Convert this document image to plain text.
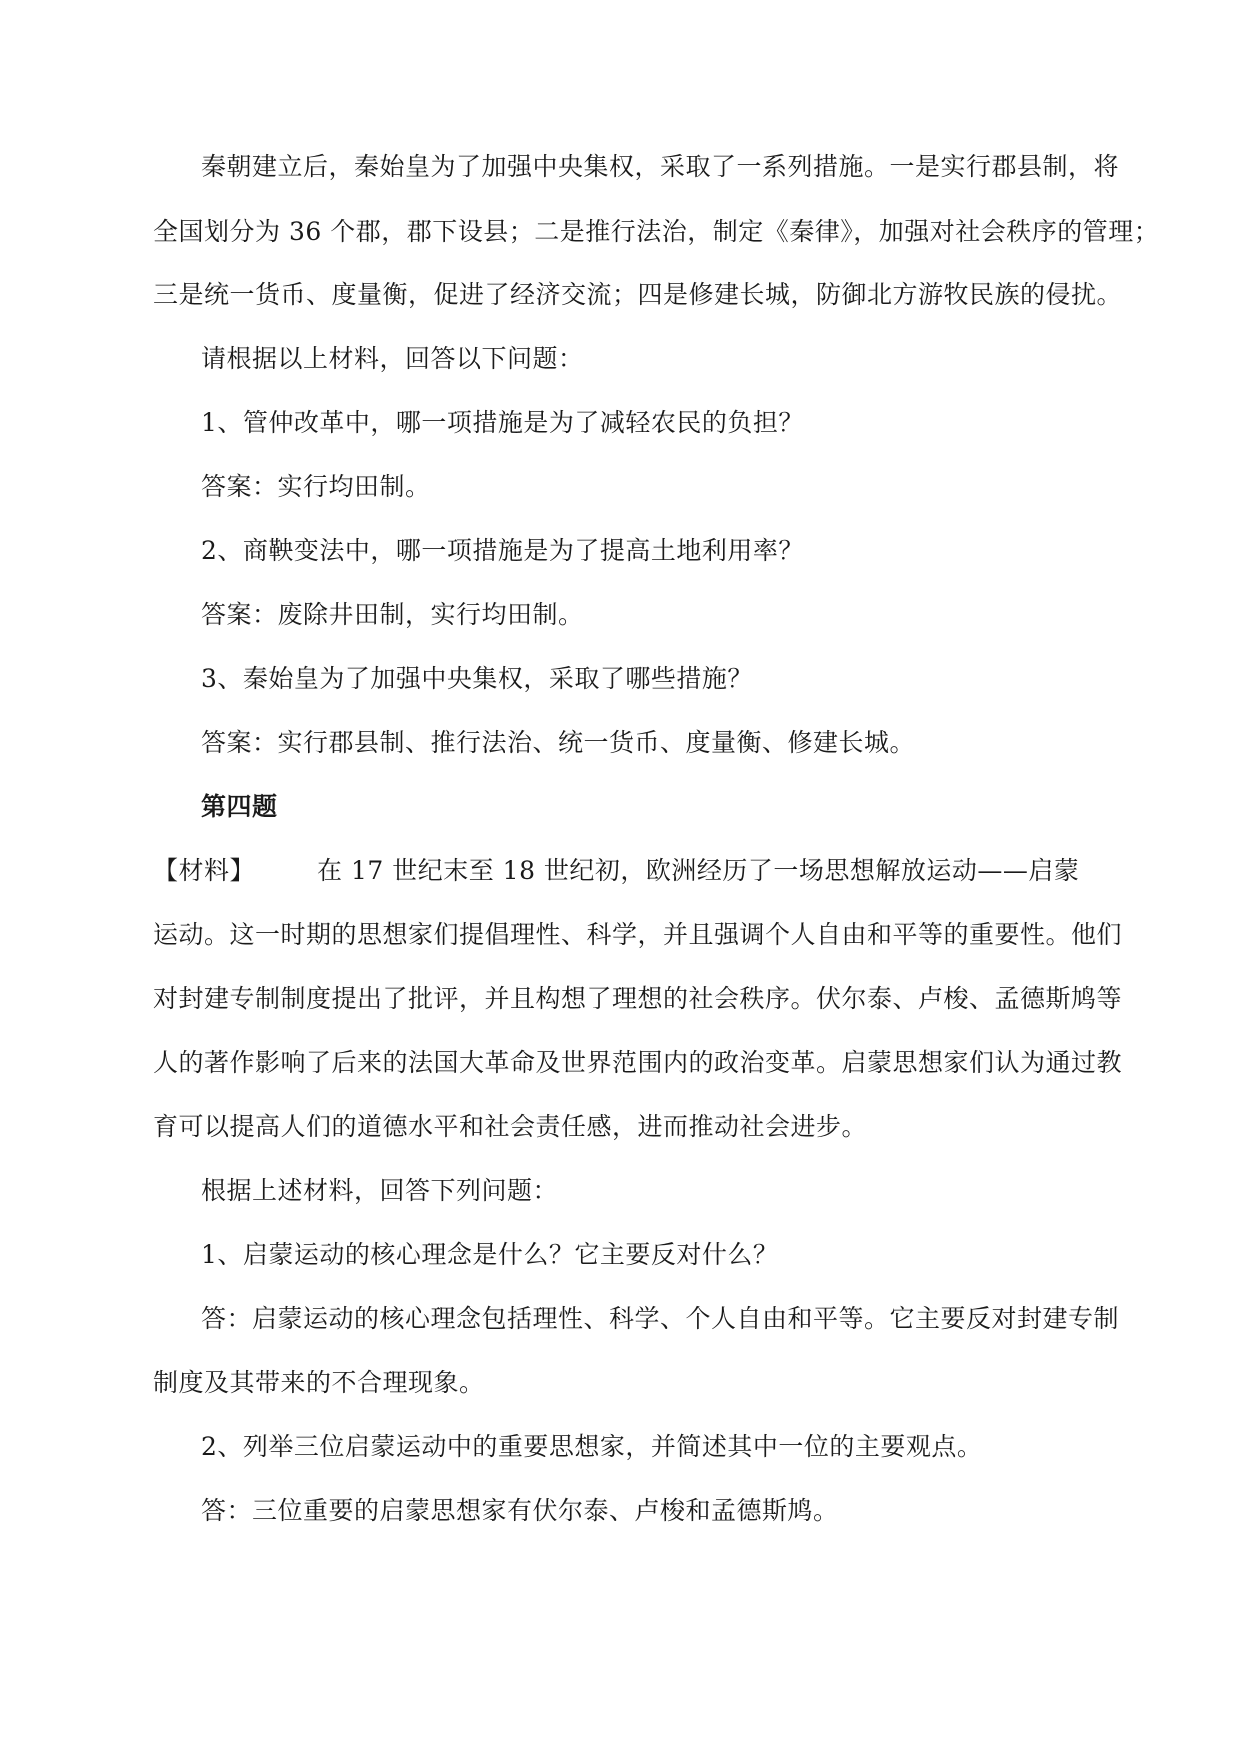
秦朝建立后，秦始皇为了加强中央集权，采取了一系列措施。一是实行郡县制，将
全国划分为 36 个郡，郡下设县；二是推行法治，制定《秦律》，加强对社会秩序的管理；
三是统一货币、度量衡，促进了经济交流；四是修建长城，防御北方游牧民族的侵扰。
请根据以上材料，回答以下问题：
1、管仲改革中，哪一项措施是为了减轻农民的负担？
答案：实行均田制。
2、商鞅变法中，哪一项措施是为了提高土地利用率？
答案：废除井田制，实行均田制。
3、秦始皇为了加强中央集权，采取了哪些措施？
答案：实行郡县制、推行法治、统一货币、度量衡、修建长城。
第四题
【材料】 在 17 世纪末至 18 世纪初，欧洲经历了一场思想解放运动——启蒙
运动。这一时期的思想家们提倡理性、科学，并且强调个人自由和平等的重要性。他们
对封建专制制度提出了批评，并且构想了理想的社会秩序。伏尔泰、卢梭、孟德斯鸠等
人的著作影响了后来的法国大革命及世界范围内的政治变革。启蒙思想家们认为通过教
育可以提高人们的道德水平和社会责任感，进而推动社会进步。
根据上述材料，回答下列问题：
1、启蒙运动的核心理念是什么？它主要反对什么？
答：启蒙运动的核心理念包括理性、科学、个人自由和平等。它主要反对封建专制
制度及其带来的不合理现象。
2、列举三位启蒙运动中的重要思想家，并简述其中一位的主要观点。
答：三位重要的启蒙思想家有伏尔泰、卢梭和孟德斯鸠。
